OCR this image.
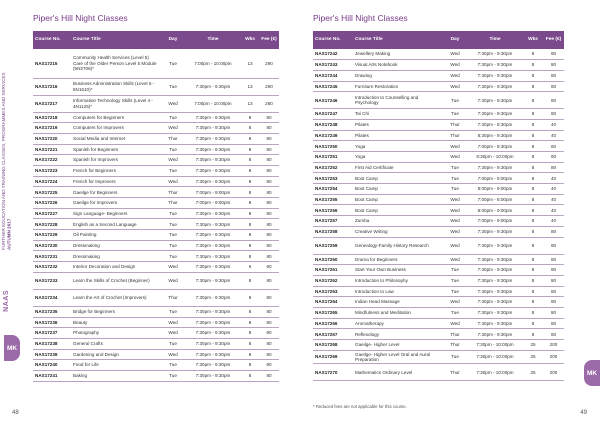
FURTHER EDUCATION AND TRAINING CLASSES, PROGRAMMES AND SERVICES AUTUMN 2017
NAAS
MK
Piper's Hill Night Classes
Course No.	Course Title	Day	Time	Wks	Fee (€)
NAS17215	Community Health Services (Level 5) Care of the Older Person Level 5 Module (5N2706)*	Tue	7:00pm - 10:00pm	13	290
NAS17216	Business Administration Skills (Level 5 - 5N1610)*	Tue	7:30pm - 9:30pm	13	290
NAS17217	Information Technology Skills (Level 4 - 4N1125)*	Wed	7:00pm - 10:00pm	13	260
NAS17218	Computers for Beginners	Tue	7:30pm - 9:30pm	8	80
NAS17219	Computers for Improvers	Wed	7:30pm - 9:30pm	8	80
NAS17220	Social Media and Internet	Thur	7:30pm - 9:30pm	8	80
NAS17221	Spanish for Beginners	Tue	7:30pm - 9:30pm	8	80
NAS17222	Spanish for Improvers	Wed	7:30pm - 9:30pm	8	80
NAS17223	French for Beginners	Tue	7:30pm - 9:30pm	8	80
NAS17224	French for Improvers	Wed	7:30pm - 9:30pm	8	80
NAS17225	Gaeilge for Beginners	Thur	7:00pm - 9:00pm	8	80
NAS17226	Gaeilge for Improvers	Thur	7:00pm - 9:00pm	8	80
NAS17227	Sign Language- Beginners	Tue	7:30pm - 9:30pm	8	80
NAS17228	English as a Second Language	Tue	7:30pm - 9:30pm	8	80
NAS17229	Oil Painting	Tue	7:30pm - 9:30pm	8	80
NAS17230	Dressmaking	Tue	7:30pm - 9:30pm	8	80
NAS17231	Dressmaking	Tue	7:30pm - 9:30pm	8	80
NAS17232	Interior Decoration and Design	Wed	7:30pm - 9:30pm	6	60
NAS17233	Learn the Skills of Crochet (Beginner)	Wed	7:30pm - 9:30pm	8	80
NAS17234	Learn the Art of Crochet (Improvers)	Thur	7:30pm - 9:30pm	8	80
NAS17235	Bridge for Beginners	Tue	7:30pm - 9:30pm	8	80
NAS17236	Beauty	Wed	7:30pm - 9:30pm	8	80
NAS17237	Photography	Wed	7:30pm - 9:30pm	8	80
NAS17238	General Crafts	Tue	7:30pm - 9:30pm	8	80
NAS17239	Gardening and Design	Wed	7:30pm - 9:30pm	8	80
NAS17240	Food for Life	Tue	7:30pm - 9:30pm	8	80
NAS17241	Baking	Tue	7:30pm - 9:30pm	8	80
48
Piper's Hill Night Classes
Course No.	Course Title	Day	Time	Wks	Fee (€)
NAS17242	Jewellery Making	Wed	7:30pm - 9:30pm	8	80
NAS17243	Visual Arts Notebook	Wed	7:30pm - 9:30pm	8	80
NAS17244	Drawing	Wed	7:30pm - 9:30pm	8	80
NAS17245	Furniture Restoration	Wed	7:30pm - 9:30pm	8	80
NAS17246	Introduction to Counselling and Psychology	Tue	7:30pm - 9:30pm	8	80
NAS17247	Tai Chi	Tue	7:30pm - 9:30pm	8	80
NAS17248	Pilates	Thur	7:30pm - 8:30pm	8	40
NAS17249	Pilates	Thur	8:30pm - 9:30pm	8	40
NAS17250	Yoga	Wed	7:00pm - 8:30pm	8	60
NAS17251	Yoga	Wed	8:30pm - 10:00pm	8	60
NAS17252	First Aid Certificate	Tue	7:30pm - 9:30pm	8	80
NAS17253	Boot Camp	Tue	7:00pm - 8:00pm	8	40
NAS17254	Boot Camp	Tue	8:00pm - 9:00pm	8	40
NAS17255	Boot Camp	Wed	7:00pm - 8:00pm	8	40
NAS17256	Boot Camp	Wed	8:00pm - 9:00pm	8	40
NAS17257	Zumba	Wed	7:00pm - 9:00pm	8	40
NAS17258	Creative Writing	Wed	7:30pm - 9:30pm	8	80
NAS17259	Genealogy-Family History Research	Wed	7:30pm - 9:30pm	8	80
NAS17260	Drama for Beginners	Wed	7:30pm - 9:30pm	8	80
NAS17261	Start Your Own Business	Tue	7:30pm - 9:30pm	8	80
NAS17262	Introduction to Philosophy	Tue	7:30pm - 9:30pm	8	80
NAS17263	Introduction to Law	Tue	7:30pm - 9:30pm	8	80
NAS17264	Indian Head Massage	Wed	7:30pm - 9:30pm	8	80
NAS17265	Mindfulness and Meditation	Tue	7:30pm - 9:30pm	8	80
NAS17266	Aromatherapy	Wed	7:30pm - 9:30pm	8	80
NAS17267	Reflexology	Thur	7:30pm - 9:30pm	8	80
NAS17268	Gaeilge- Higher Level	Thur	7:30pm - 10:00pm	25	200
NAS17269	Gaeilge- Higher Level Oral and Aural Preparation	Tue	7:30pm - 10:00pm	25	200
NAS17270	Mathematics Ordinary Level	Thur	7:30pm - 10:00pm	25	200
* Reduced fees are not applicable for this course.
MK
49
